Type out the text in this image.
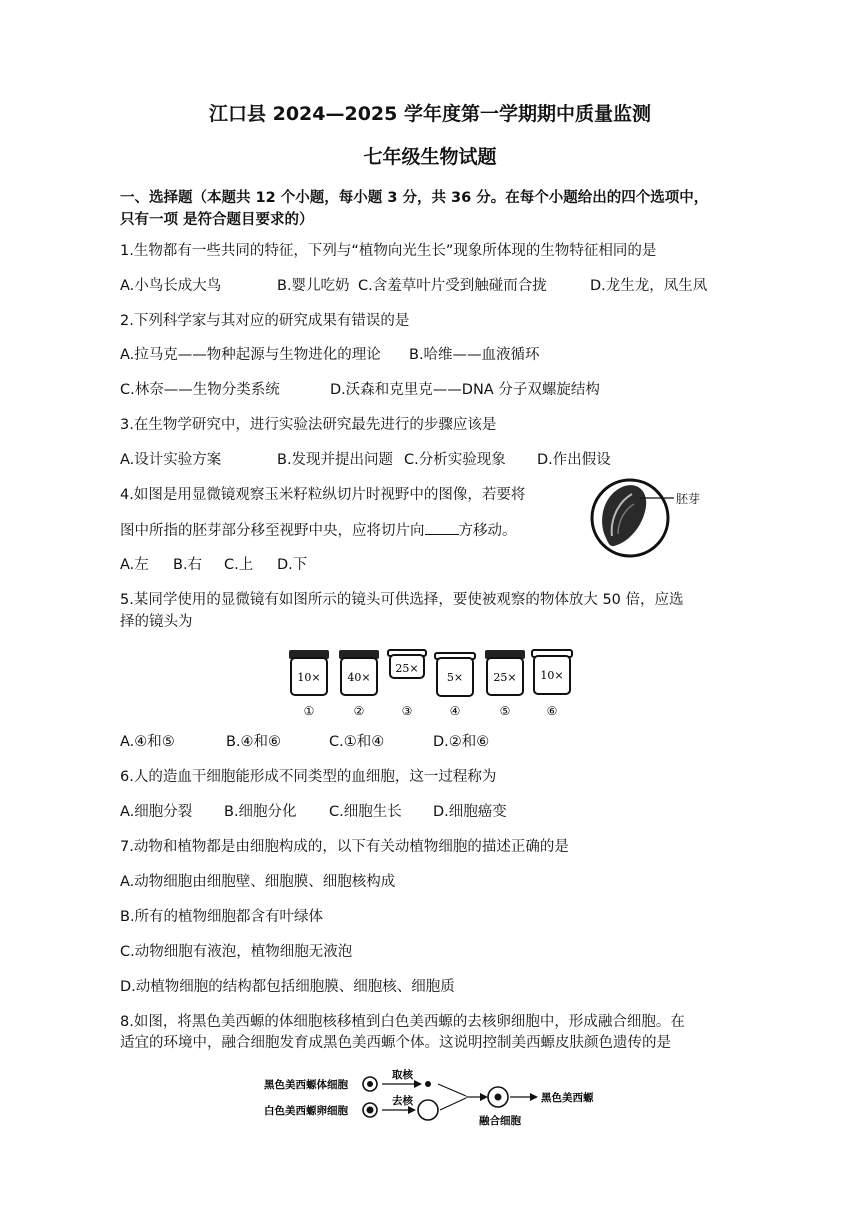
江口县 2024—2025 学年度第一学期期中质量监测
七年级生物试题
一、选择题（本题共 12 个小题，每小题 3 分，共 36 分。在每个小题给出的四个选项中，
只有一项 是符合题目要求的）
1.生物都有一些共同的特征，下列与“植物向光生长”现象所体现的生物特征相同的是
A.小鸟长成大鸟	B.婴儿吃奶 C.含羞草叶片受到触碰而合拢	D.龙生龙，凤生凤
2.下列科学家与其对应的研究成果有错误的是
A.拉马克——物种起源与生物进化的理论 B.哈维——血液循环
C.林奈——生物分类系统	D.沃森和克里克——DNA 分子双螺旋结构
3.在生物学研究中，进行实验法研究最先进行的步骤应该是
A.设计实验方案	B.发现并提出问题 C.分析实验现象 D.作出假设
4.如图是用显微镜观察玉米籽粒纵切片时视野中的图像，若要将
图中所指的胚芽部分移至视野中央，应将切片向 方移动。
A.左 B.右 C.上 D.下
胚芽
5.某同学使用的显微镜有如图所示的镜头可供选择，要使被观察的物体放大 50 倍，应选
择的镜头为
10×
①
40×
②
25×
③
5×
④
25×
⑤
10×
⑥
A.④和⑤	B.④和⑥	C.①和④	D.②和⑥
6.人的造血干细胞能形成不同类型的血细胞，这一过程称为
A.细胞分裂 B.细胞分化 C.细胞生长 D.细胞癌变
7.动物和植物都是由细胞构成的，以下有关动植物细胞的描述正确的是
A.动物细胞由细胞壁、细胞膜、细胞核构成
B.所有的植物细胞都含有叶绿体
C.动物细胞有液泡，植物细胞无液泡
D.动植物细胞的结构都包括细胞膜、细胞核、细胞质
8.如图，将黑色美西螈的体细胞核移植到白色美西螈的去核卵细胞中，形成融合细胞。在
适宜的环境中，融合细胞发育成黑色美西螈个体。这说明控制美西螈皮肤颜色遗传的是
黑色美西螈体细胞
白色美西螈卵细胞
取核
去核
融合细胞
黑色美西螈
